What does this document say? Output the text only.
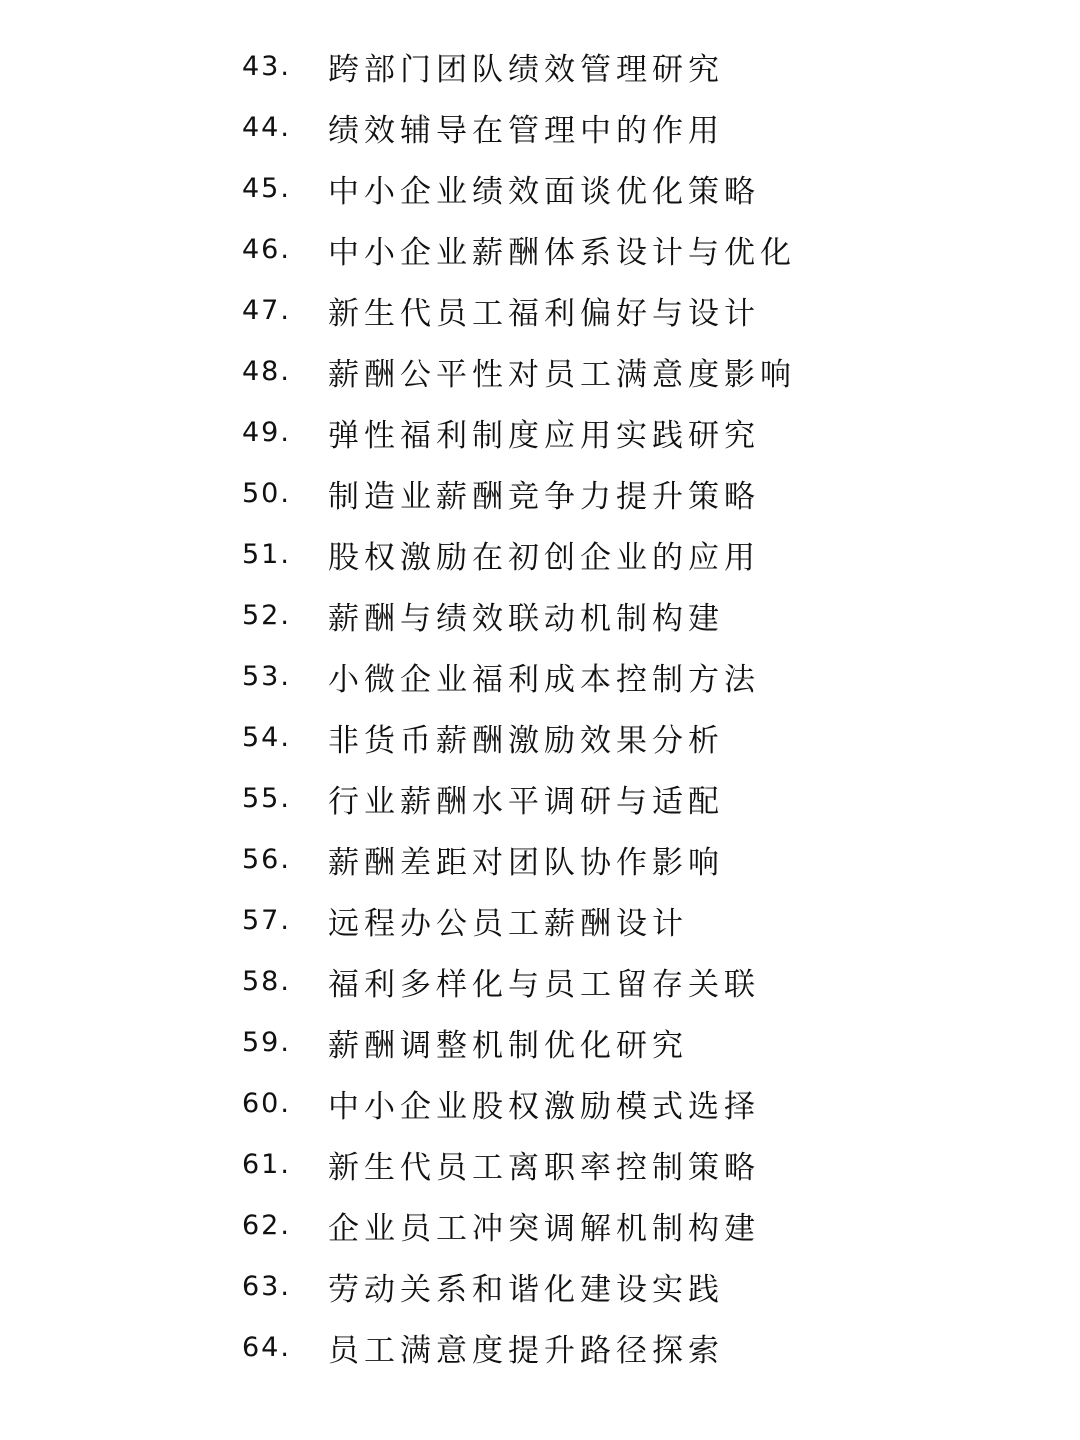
43.	跨部门团队绩效管理研究
44.	绩效辅导在管理中的作用
45.	中小企业绩效面谈优化策略
46.	中小企业薪酬体系设计与优化
47.	新生代员工福利偏好与设计
48.	薪酬公平性对员工满意度影响
49.	弹性福利制度应用实践研究
50.	制造业薪酬竞争力提升策略
51.	股权激励在初创企业的应用
52.	薪酬与绩效联动机制构建
53.	小微企业福利成本控制方法
54.	非货币薪酬激励效果分析
55.	行业薪酬水平调研与适配
56.	薪酬差距对团队协作影响
57.	远程办公员工薪酬设计
58.	福利多样化与员工留存关联
59.	薪酬调整机制优化研究
60.	中小企业股权激励模式选择
61.	新生代员工离职率控制策略
62.	企业员工冲突调解机制构建
63.	劳动关系和谐化建设实践
64.	员工满意度提升路径探索
